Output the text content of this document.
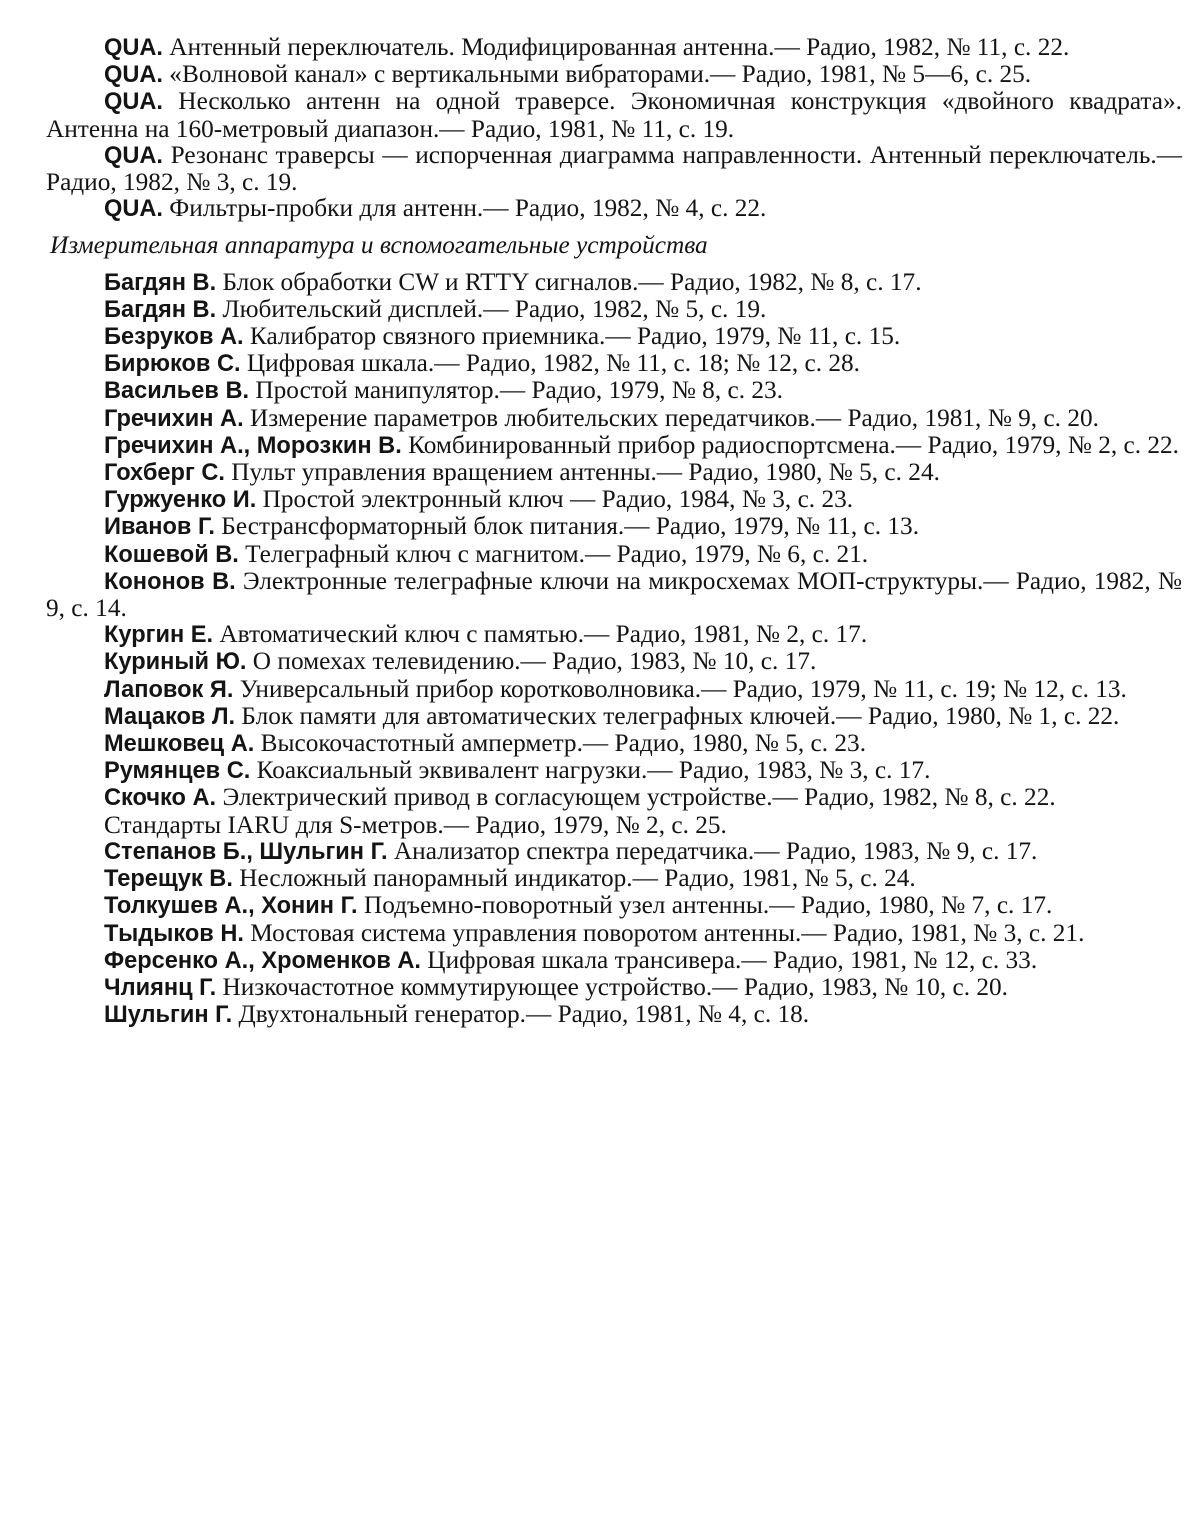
QUA. Антенный переключатель. Модифицированная антенна.— Радио, 1982, № 11, с. 22.

QUA. «Волновой канал» с вертикальными вибраторами.— Радио, 1981, № 5—6, с. 25.

QUA. Несколько антенн на одной траверсе. Экономичная конструкция «двойного квадрата». Антенна на 160-метровый диапазон.— Радио, 1981, № 11, с. 19.

QUA. Резонанс траверсы — испорченная диаграмма направленности. Антенный переключатель.— Радио, 1982, № 3, с. 19.

QUA. Фильтры-пробки для антенн.— Радио, 1982, № 4, с. 22.

Измерительная аппаратура и вспомогательные устройства

Багдян В. Блок обработки CW и RTTY сигналов.— Радио, 1982, № 8, с. 17.

Багдян В. Любительский дисплей.— Радио, 1982, № 5, с. 19.

Безруков А. Калибратор связного приемника.— Радио, 1979, № 11, с. 15.

Бирюков С. Цифровая шкала.— Радио, 1982, № 11, с. 18; № 12, с. 28.

Васильев В. Простой манипулятор.— Радио, 1979, № 8, с. 23.

Гречихин А. Измерение параметров любительских передатчиков.— Радио, 1981, № 9, с. 20.

Гречихин А., Морозкин В. Комбинированный прибор радиоспортсмена.— Радио, 1979, № 2, с. 22.

Гохберг С. Пульт управления вращением антенны.— Радио, 1980, № 5, с. 24.

Гуржуенко И. Простой электронный ключ — Радио, 1984, № 3, с. 23.

Иванов Г. Бестрансформаторный блок питания.— Радио, 1979, № 11, с. 13.

Кошевой В. Телеграфный ключ с магнитом.— Радио, 1979, № 6, с. 21.

Кононов В. Электронные телеграфные ключи на микросхемах МОП-структуры.— Радио, 1982, № 9, с. 14.

Кургин Е. Автоматический ключ с памятью.— Радио, 1981, № 2, с. 17.

Куриный Ю. О помехах телевидению.— Радио, 1983, № 10, с. 17.

Лаповок Я. Универсальный прибор коротковолновика.— Радио, 1979, № 11, с. 19; № 12, с. 13.

Мацаков Л. Блок памяти для автоматических телеграфных ключей.— Радио, 1980, № 1, с. 22.

Мешковец А. Высокочастотный амперметр.— Радио, 1980, № 5, с. 23.

Румянцев С. Коаксиальный эквивалент нагрузки.— Радио, 1983, № 3, с. 17.

Скочко А. Электрический привод в согласующем устройстве.— Радио, 1982, № 8, с. 22.

Стандарты IARU для S-метров.— Радио, 1979, № 2, с. 25.

Степанов Б., Шульгин Г. Анализатор спектра передатчика.— Радио, 1983, № 9, с. 17.

Терещук В. Несложный панорамный индикатор.— Радио, 1981, № 5, с. 24.

Толкушев А., Хонин Г. Подъемно-поворотный узел антенны.— Радио, 1980, № 7, с. 17.

Тыдыков Н. Мостовая система управления поворотом антенны.— Радио, 1981, № 3, с. 21.

Ферсенко А., Хроменков А. Цифровая шкала трансивера.— Радио, 1981, № 12, с. 33.

Члиянц Г. Низкочастотное коммутирующее устройство.— Радио, 1983, № 10, с. 20.

Шульгин Г. Двухтональный генератор.— Радио, 1981, № 4, с. 18.
